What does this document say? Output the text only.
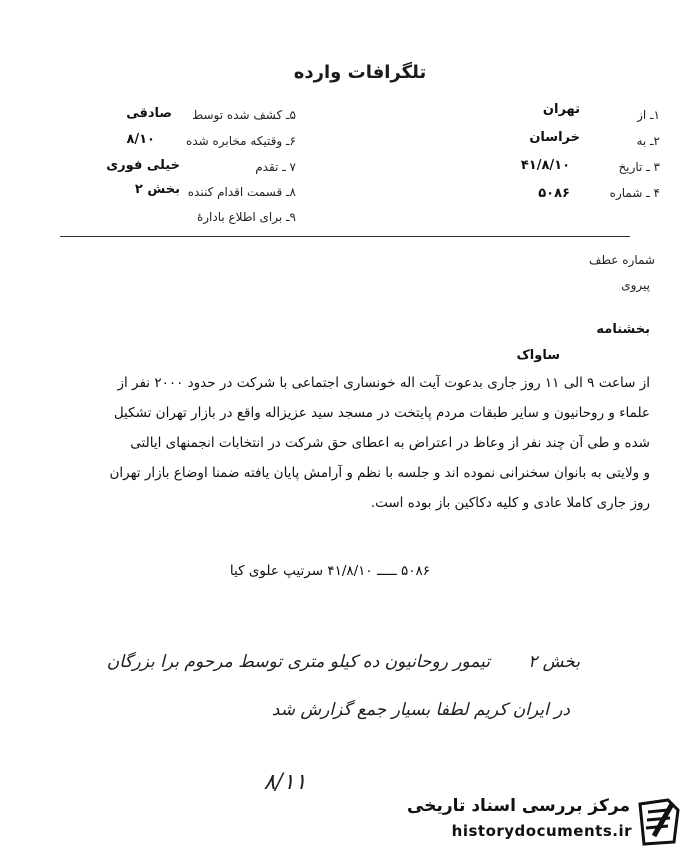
تلگرافات وارده
۵ـ کشف شده توسط
صادقی
۶ـ وقتیکه مخابره شده
۸/۱۰
۷ ـ تقدم
خیلی فوری
۸ـ قسمت اقدام کننده
بخش ۲
۹ـ برای اطلاع بادارهٔ
۱ـ از
تهران
۲ـ به
خراسان
۳ ـ تاریخ
۴۱/۸/۱۰
۴ ـ شماره
۵۰۸۶
شماره عطف
پیروی
بخشنامه
ساواک
از ساعت ۹ الی ۱۱ روز جاری بدعوت آیت اله خونساری اجتماعی با شرکت در حدود ۲۰۰۰ نفر از
علماء و روحانیون و سایر طبقات مردم پایتخت در مسجد سید عزیزاله واقع در بازار تهران تشکیل
شده و طی آن چند نفر از وعاظ در اعتراض به اعطای حق شرکت در انتخابات انجمنهای ایالتی
و ولایتی به بانوان سخنرانی نموده اند و جلسه با نظم و آرامش پایان یافته ضمنا اوضاع بازار تهران
روز جاری کاملا عادی و کلیه دکاکین باز بوده است.
۵۰۸۶ ـــــ ۴۱/۸/۱۰ سرتیپ علوی کیا
بخش ۲
تیمور روحانیون ده کیلو متری توسط مرحوم برا بزرگان
در ایران کریم لطفا بسیار جمع گزارش شد
۸/۱۱
مرکز بررسی اسناد تاریخی
historydocuments.ir
